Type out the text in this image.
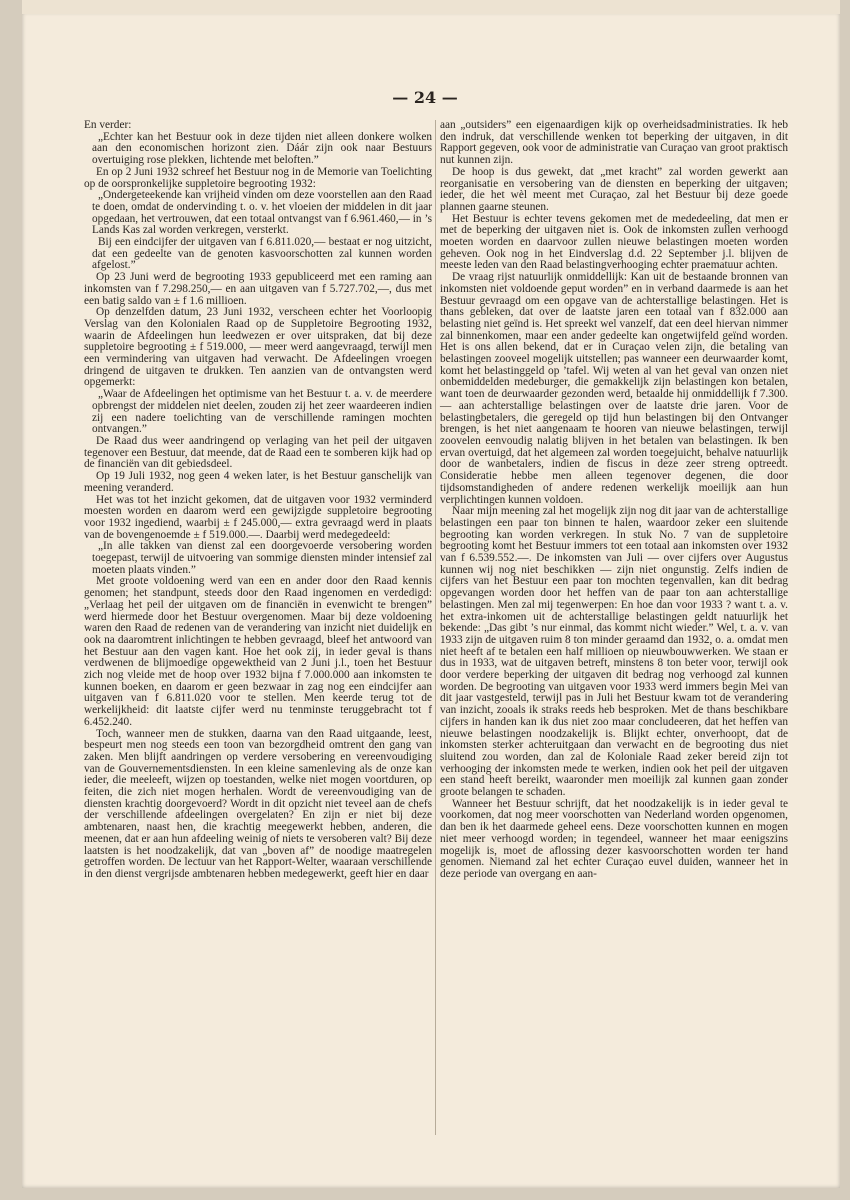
— 24 —

En verder:

„Echter kan het Bestuur ook in deze tijden niet alleen donkere wolken aan den economischen horizont zien. Dáár zijn ook naar Bestuurs overtuiging rose plekken, lichtende met beloften.”

En op 2 Juni 1932 schreef het Bestuur nog in de Memorie van Toelichting op de oorspronkelijke suppletoire begrooting 1932:

„Ondergeteekende kan vrijheid vinden om deze voorstellen aan den Raad te doen, omdat de ondervinding t. o. v. het vloeien der middelen in dit jaar opgedaan, het vertrouwen, dat een totaal ontvangst van f 6.961.460,— in ’s Lands Kas zal worden verkregen, versterkt.

Bij een eindcijfer der uitgaven van f 6.811.020,— bestaat er nog uitzicht, dat een gedeelte van de genoten kasvoorschotten zal kunnen worden afgelost.”

Op 23 Juni werd de begrooting 1933 gepubliceerd met een raming aan inkomsten van f 7.298.250,— en aan uitgaven van f 5.727.702,—, dus met een batig saldo van ± f 1.6 millioen.

Op denzelfden datum, 23 Juni 1932, verscheen echter het Voorloopig Verslag van den Kolonialen Raad op de Suppletoire Begrooting 1932, waarin de Afdeelingen hun leedwezen er over uitspraken, dat bij deze suppletoire begrooting ± f 519.000, — meer werd aangevraagd, terwijl men een vermindering van uitgaven had verwacht. De Afdeelingen vroegen dringend de uitgaven te drukken. Ten aanzien van de ontvangsten werd opgemerkt:

„Waar de Afdeelingen het optimisme van het Bestuur t. a. v. de meerdere opbrengst der middelen niet deelen, zouden zij het zeer waardeeren indien zij een nadere toelichting van de verschillende ramingen mochten ontvangen.”

De Raad dus weer aandringend op verlaging van het peil der uitgaven tegenover een Bestuur, dat meende, dat de Raad een te somberen kijk had op de financiën van dit gebiedsdeel.

Op 19 Juli 1932, nog geen 4 weken later, is het Bestuur ganschelijk van meening veranderd.

Het was tot het inzicht gekomen, dat de uitgaven voor 1932 verminderd moesten worden en daarom werd een gewijzigde suppletoire begrooting voor 1932 ingediend, waarbij ± f 245.000,— extra gevraagd werd in plaats van de bovengenoemde ± f 519.000.—. Daarbij werd medegedeeld:

„In alle takken van dienst zal een doorgevoerde versobering worden toegepast, terwijl de uitvoering van sommige diensten minder intensief zal moeten plaats vinden.”

Met groote voldoening werd van een en ander door den Raad kennis genomen; het standpunt, steeds door den Raad ingenomen en verdedigd: „Verlaag het peil der uitgaven om de financiën in evenwicht te brengen” werd hiermede door het Bestuur overgenomen. Maar bij deze voldoening waren den Raad de redenen van de verandering van inzicht niet duidelijk en ook na daaromtrent inlichtingen te hebben gevraagd, bleef het antwoord van het Bestuur aan den vagen kant. Hoe het ook zij, in ieder geval is thans verdwenen de blijmoedige opgewektheid van 2 Juni j.l., toen het Bestuur zich nog vleide met de hoop over 1932 bijna f 7.000.000 aan inkomsten te kunnen boeken, en daarom er geen bezwaar in zag nog een eindcijfer aan uitgaven van f 6.811.020 voor te stellen. Men keerde terug tot de werkelijkheid: dit laatste cijfer werd nu tenminste teruggebracht tot f 6.452.240.

Toch, wanneer men de stukken, daarna van den Raad uitgaande, leest, bespeurt men nog steeds een toon van bezorgdheid omtrent den gang van zaken. Men blijft aandringen op verdere versobering en vereenvoudiging van de Gouvernementsdiensten. In een kleine samenleving als de onze kan ieder, die meeleeft, wijzen op toestanden, welke niet mogen voortduren, op feiten, die zich niet mogen herhalen. Wordt de vereenvoudiging van de diensten krachtig doorgevoerd? Wordt in dit opzicht niet teveel aan de chefs der verschillende afdeelingen overgelaten? En zijn er niet bij deze ambtenaren, naast hen, die krachtig meegewerkt hebben, anderen, die meenen, dat er aan hun afdeeling weinig of niets te versoberen valt? Bij deze laatsten is het noodzakelijk, dat van „boven af” de noodige maatregelen getroffen worden. De lectuur van het Rapport-Welter, waaraan verschillende in den dienst vergrijsde ambtenaren hebben medegewerkt, geeft hier en daar

aan „outsiders” een eigenaardigen kijk op overheidsadministraties. Ik heb den indruk, dat verschillende wenken tot beperking der uitgaven, in dit Rapport gegeven, ook voor de administratie van Curaçao van groot praktisch nut kunnen zijn.

De hoop is dus gewekt, dat „met kracht” zal worden gewerkt aan reorganisatie en versobering van de diensten en beperking der uitgaven; ieder, die het wèl meent met Curaçao, zal het Bestuur bij deze goede plannen gaarne steunen.

Het Bestuur is echter tevens gekomen met de mededeeling, dat men er met de beperking der uitgaven niet is. Ook de inkomsten zullen verhoogd moeten worden en daarvoor zullen nieuwe belastingen moeten worden geheven. Ook nog in het Eindverslag d.d. 22 September j.l. blijven de meeste leden van den Raad belastingverhooging echter praematuur achten.

De vraag rijst natuurlijk onmiddellijk: Kan uit de bestaande bronnen van inkomsten niet voldoende geput worden” en in verband daarmede is aan het Bestuur gevraagd om een opgave van de achterstallige belastingen. Het is thans gebleken, dat over de laatste jaren een totaal van f 832.000 aan belasting niet geïnd is. Het spreekt wel vanzelf, dat een deel hiervan nimmer zal binnenkomen, maar een ander gedeelte kan ongetwijfeld geïnd worden. Het is ons allen bekend, dat er in Curaçao velen zijn, die betaling van belastingen zooveel mogelijk uitstellen; pas wanneer een deurwaarder komt, komt het belastinggeld op ’tafel. Wij weten al van het geval van onzen niet onbemiddelden medeburger, die gemakkelijk zijn belastingen kon betalen, want toen de deurwaarder gezonden werd, betaalde hij onmiddellijk f 7.300.— aan achterstallige belastingen over de laatste drie jaren. Voor de belastingbetalers, die geregeld op tijd hun belastingen bij den Ontvanger brengen, is het niet aangenaam te hooren van nieuwe belastingen, terwijl zoovelen eenvoudig nalatig blijven in het betalen van belastingen. Ik ben ervan overtuigd, dat het algemeen zal worden toegejuicht, behalve natuurlijk door de wanbetalers, indien de fiscus in deze zeer streng optreedt. Consideratie hebbe men alleen tegenover degenen, die door tijdsomstandigheden of andere redenen werkelijk moeilijk aan hun verplichtingen kunnen voldoen.

Naar mijn meening zal het mogelijk zijn nog dit jaar van de achterstallige belastingen een paar ton binnen te halen, waardoor zeker een sluitende begrooting kan worden verkregen. In stuk No. 7 van de suppletoire begrooting komt het Bestuur immers tot een totaal aan inkomsten over 1932 van f 6.539.552.—. De inkomsten van Juli — over cijfers over Augustus kunnen wij nog niet beschikken — zijn niet ongunstig. Zelfs indien de cijfers van het Bestuur een paar ton mochten tegenvallen, kan dit bedrag opgevangen worden door het heffen van de paar ton aan achterstallige belastingen. Men zal mij tegenwerpen: En hoe dan voor 1933 ? want t. a. v. het extra-inkomen uit de achterstallige belastingen geldt natuurlijk het bekende: „Das gibt ’s nur einmal, das kommt nicht wieder.” Wel, t. a. v. van 1933 zijn de uitgaven ruim 8 ton minder geraamd dan 1932, o. a. omdat men niet heeft af te betalen een half millioen op nieuwbouwwerken. We staan er dus in 1933, wat de uitgaven betreft, minstens 8 ton beter voor, terwijl ook door verdere beperking der uitgaven dit bedrag nog verhoogd zal kunnen worden. De begrooting van uitgaven voor 1933 werd immers begin Mei van dit jaar vastgesteld, terwijl pas in Juli het Bestuur kwam tot de verandering van inzicht, zooals ik straks reeds heb besproken. Met de thans beschikbare cijfers in handen kan ik dus niet zoo maar concludeeren, dat het heffen van nieuwe belastingen noodzakelijk is. Blijkt echter, onverhoopt, dat de inkomsten sterker achteruitgaan dan verwacht en de begrooting dus niet sluitend zou worden, dan zal de Koloniale Raad zeker bereid zijn tot verhooging der inkomsten mede te werken, indien ook het peil der uitgaven een stand heeft bereikt, waaronder men moeilijk zal kunnen gaan zonder groote belangen te schaden.

Wanneer het Bestuur schrijft, dat het noodzakelijk is in ieder geval te voorkomen, dat nog meer voorschotten van Nederland worden opgenomen, dan ben ik het daarmede geheel eens. Deze voorschotten kunnen en mogen niet meer verhoogd worden; in tegendeel, wanneer het maar eenigszins mogelijk is, moet de aflossing dezer kasvoorschotten worden ter hand genomen. Niemand zal het echter Curaçao euvel duiden, wanneer het in deze periode van overgang en aan-
